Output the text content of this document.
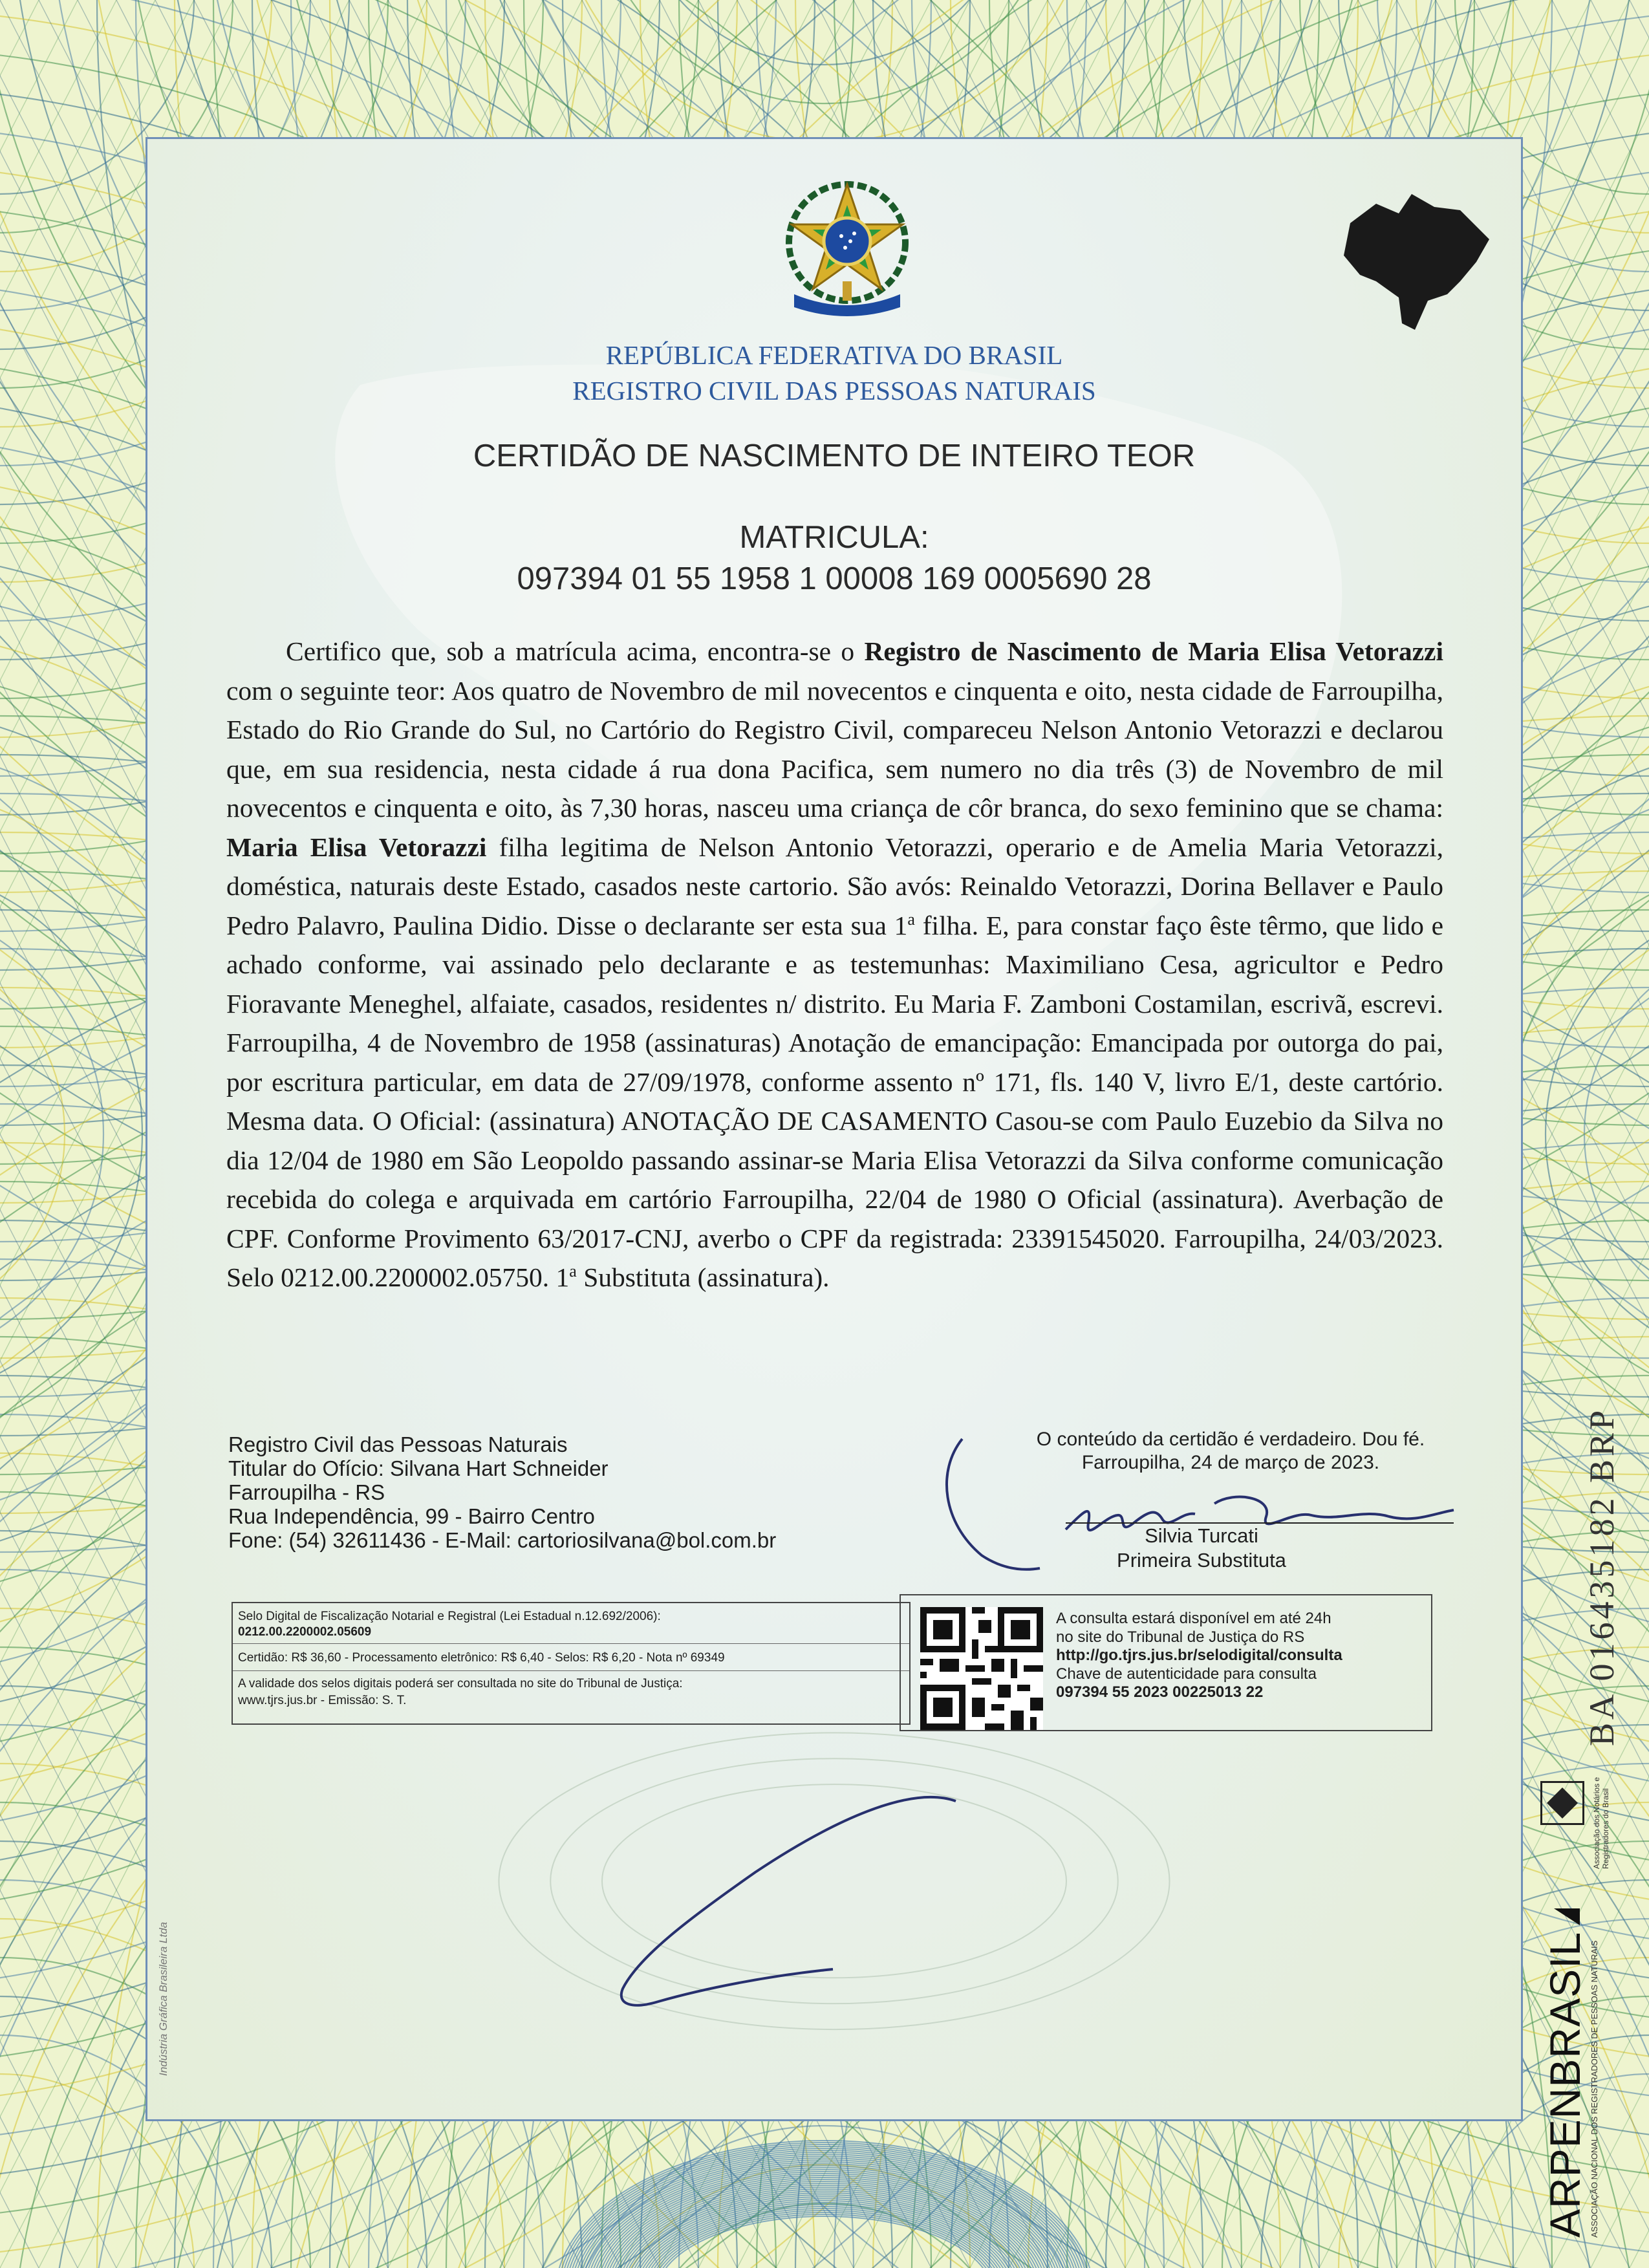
REPÚBLICA FEDERATIVA DO BRASIL
REGISTRO CIVIL DAS PESSOAS NATURAIS
CERTIDÃO DE NASCIMENTO DE INTEIRO TEOR
MATRICULA:
097394 01 55 1958 1 00008 169 0005690 28

Certifico que, sob a matrícula acima, encontra-se o Registro de Nascimento de Maria Elisa Vetorazzi com o seguinte teor: Aos quatro de Novembro de mil novecentos e cinquenta e oito, nesta cidade de Farroupilha, Estado do Rio Grande do Sul, no Cartório do Registro Civil, compareceu Nelson Antonio Vetorazzi e declarou que, em sua residencia, nesta cidade á rua dona Pacifica, sem numero no dia três (3) de Novembro de mil novecentos e cinquenta e oito, às 7,30 horas, nasceu uma criança de côr branca, do sexo feminino que se chama: Maria Elisa Vetorazzi filha legitima de Nelson Antonio Vetorazzi, operario e de Amelia Maria Vetorazzi, doméstica, naturais deste Estado, casados neste cartorio. São avós: Reinaldo Vetorazzi, Dorina Bellaver e Paulo Pedro Palavro, Paulina Didio. Disse o declarante ser esta sua 1$^a$ filha. E, para constar faço êste têrmo, que lido e achado conforme, vai assinado pelo declarante e as testemunhas: Maximiliano Cesa, agricultor e Pedro Fioravante Meneghel, alfaiate, casados, residentes n/ distrito. Eu Maria F. Zamboni Costamilan, escrivã, escrevi. Farroupilha, 4 de Novembro de 1958 (assinaturas) Anotação de emancipação: Emancipada por outorga do pai, por escritura particular, em data de 27/09/1978, conforme assento nº 171, fls. 140 V, livro E/1, deste cartório. Mesma data. O Oficial: (assinatura) ANOTAÇÃO DE CASAMENTO Casou-se com Paulo Euzebio da Silva no dia 12/04 de 1980 em São Leopoldo passando assinar-se Maria Elisa Vetorazzi da Silva conforme comunicação recebida do colega e arquivada em cartório Farroupilha, 22/04 de 1980 O Oficial (assinatura). Averbação de CPF. Conforme Provimento 63/2017-CNJ, averbo o CPF da registrada: 23391545020. Farroupilha, 24/03/2023. Selo 0212.00.2200002.05750. 1$^a$ Substituta (assinatura).

Registro Civil das Pessoas Naturais
Titular do Ofício: Silvana Hart Schneider
Farroupilha - RS
Rua Independência, 99 - Bairro Centro
Fone: (54) 32611436 - E-Mail: cartoriosilvana@bol.com.br
O conteúdo da certidão é verdadeiro. Dou fé.
Farroupilha, 24 de março de 2023.
Silvia Turcati
Primeira Substituta
Selo Digital de Fiscalização Notarial e Registral (Lei Estadual n.12.692/2006):
0212.00.2200002.05609
Certidão: R$ 36,60 - Processamento eletrônico: R$ 6,40 - Selos: R$ 6,20 - Nota nº 69349
A validade dos selos digitais poderá ser consultada no site do Tribunal de Justiça:
www.tjrs.jus.br - Emissão: S. T.
A consulta estará disponível em até 24h
no site do Tribunal de Justiça do RS
http://go.tjrs.jus.br/selodigital/consulta
Chave de autenticidade para consulta
097394 55 2023 00225013 22
Indústria Gráfica Brasileira Ltda	ARPENBRASIL ASSOCIAÇÃO NACIONAL DOS REGISTRADORES DE PESSOAS NATURAIS
Associação dos Notários e Registradores do Brasil
BA 016435182 BRP
